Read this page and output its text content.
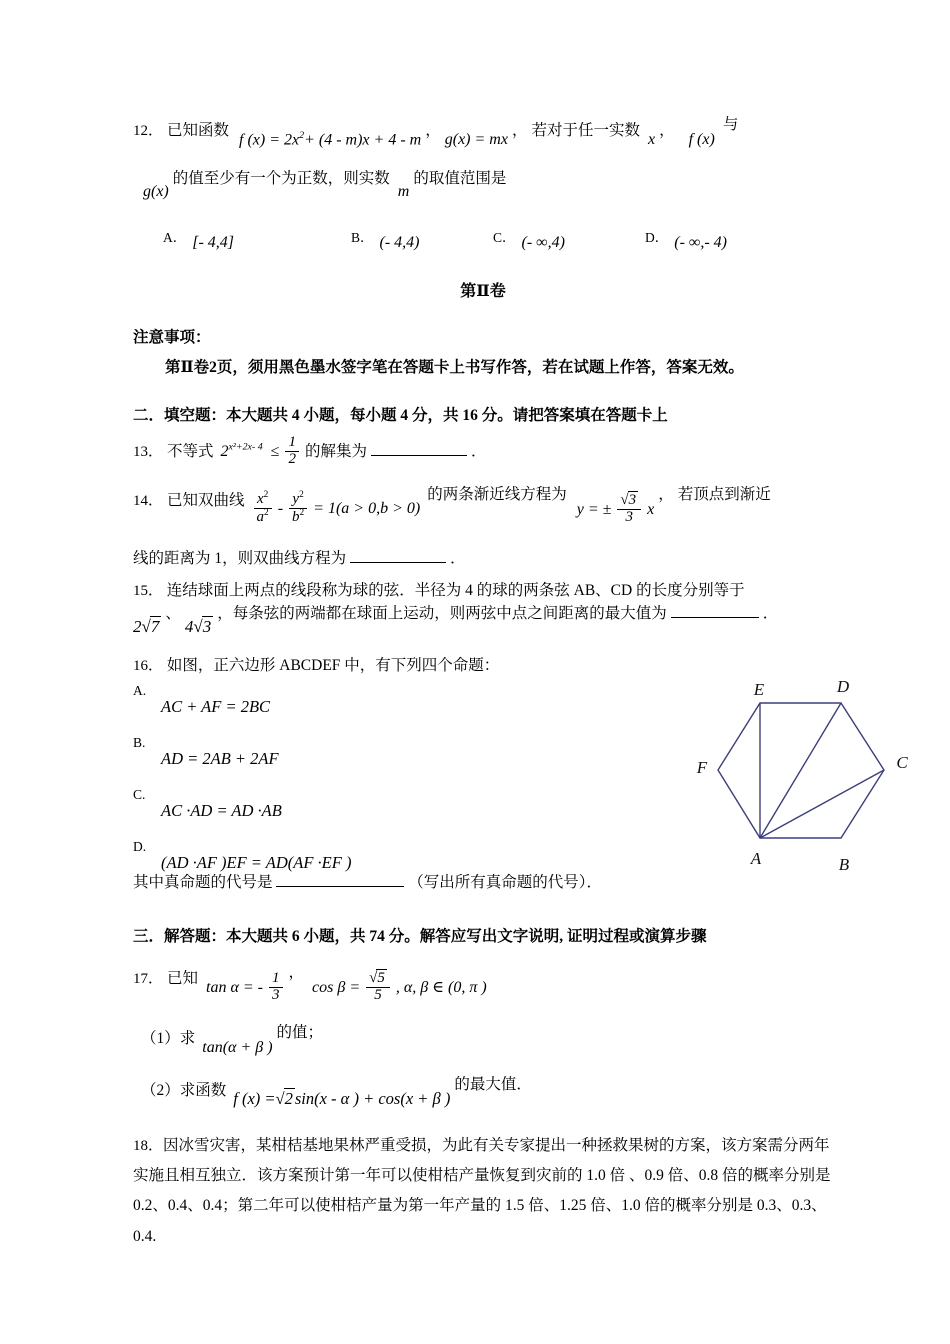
12． 已知函数 f $(x) = 2x^2+ (4 - m)x + 4 - m$ ， g(x) = mx ， 若对于任一实数 x ， f (x) 与
g(x) 的值至少有一个为正数，则实数 m 的取值范围是
$^{A.}$ [- 4,4]	$^{B.}$ (- 4,4)	$^{C.}$ (- ∞,4)	$^{D.}$ (- ∞,- 4)
第Ⅱ卷
注意事项：
第Ⅱ卷2页，须用黑色墨水签字笔在答题卡上书写作答，若在试题上作答，答案无效。
二．填空题：本大题共 4 小题，每小题 4 分，共 16 分。请把答案填在答题卡上
13． 不等式 $2^{x^2+2x- 4} \le \frac{1}{2}$ 的解集为	．
14． 已知双曲线 $\frac{x^2}{a^2} - \frac{y^2}{b^2} = 1(a > 0,b > 0)$ 的两条渐近线方程为 y = ± $\frac{√3}{3}$ x ， 若顶点到渐近
线的距离为 1，则双曲线方程为	．
15． 连结球面上两点的线段称为球的弦．半径为 4 的球的两条弦 AB、CD 的长度分别等于
2√7 、 4√3 ，每条弦的两端都在球面上运动，则两弦中点之间距离的最大值为	．
16． 如图，正六边形 ABCDEF 中，有下列四个命题：
A.
AC + AF = 2BC
B.
AD = 2AB + 2AF
C.
AC ·AD = AD ·AB
D.
(AD ·AF )EF = AD(AF ·EF )
其中真命题的代号是	（写出所有真命题的代号）．
A	B
C
D
E
F
三．解答题：本大题共 6 小题，共 74 分。解答应写出文字说明, 证明过程或演算步骤
17． 已知 tan α = - $\frac{1}{3}$ ， $\cos \beta = \frac{√5}{5}$ , α, β ∈ (0, π )
（1）求 tan(α + β ) 的值；
（2）求函数 f (x) =√2 sin(x - α ) + cos(x + β ) 的最大值．
18．因冰雪灾害，某柑桔基地果林严重受损，为此有关专家提出一种拯救果树的方案，该方案需分两年实施且相互独立．该方案预计第一年可以使柑桔产量恢复到灾前的 1.0 倍 、0.9 倍、0.8 倍的概率分别是 0.2、0.4、0.4；第二年可以使柑桔产量为第一年产量的 1.5 倍、1.25 倍、1.0 倍的概率分别是 0.3、0.3、0.4.
